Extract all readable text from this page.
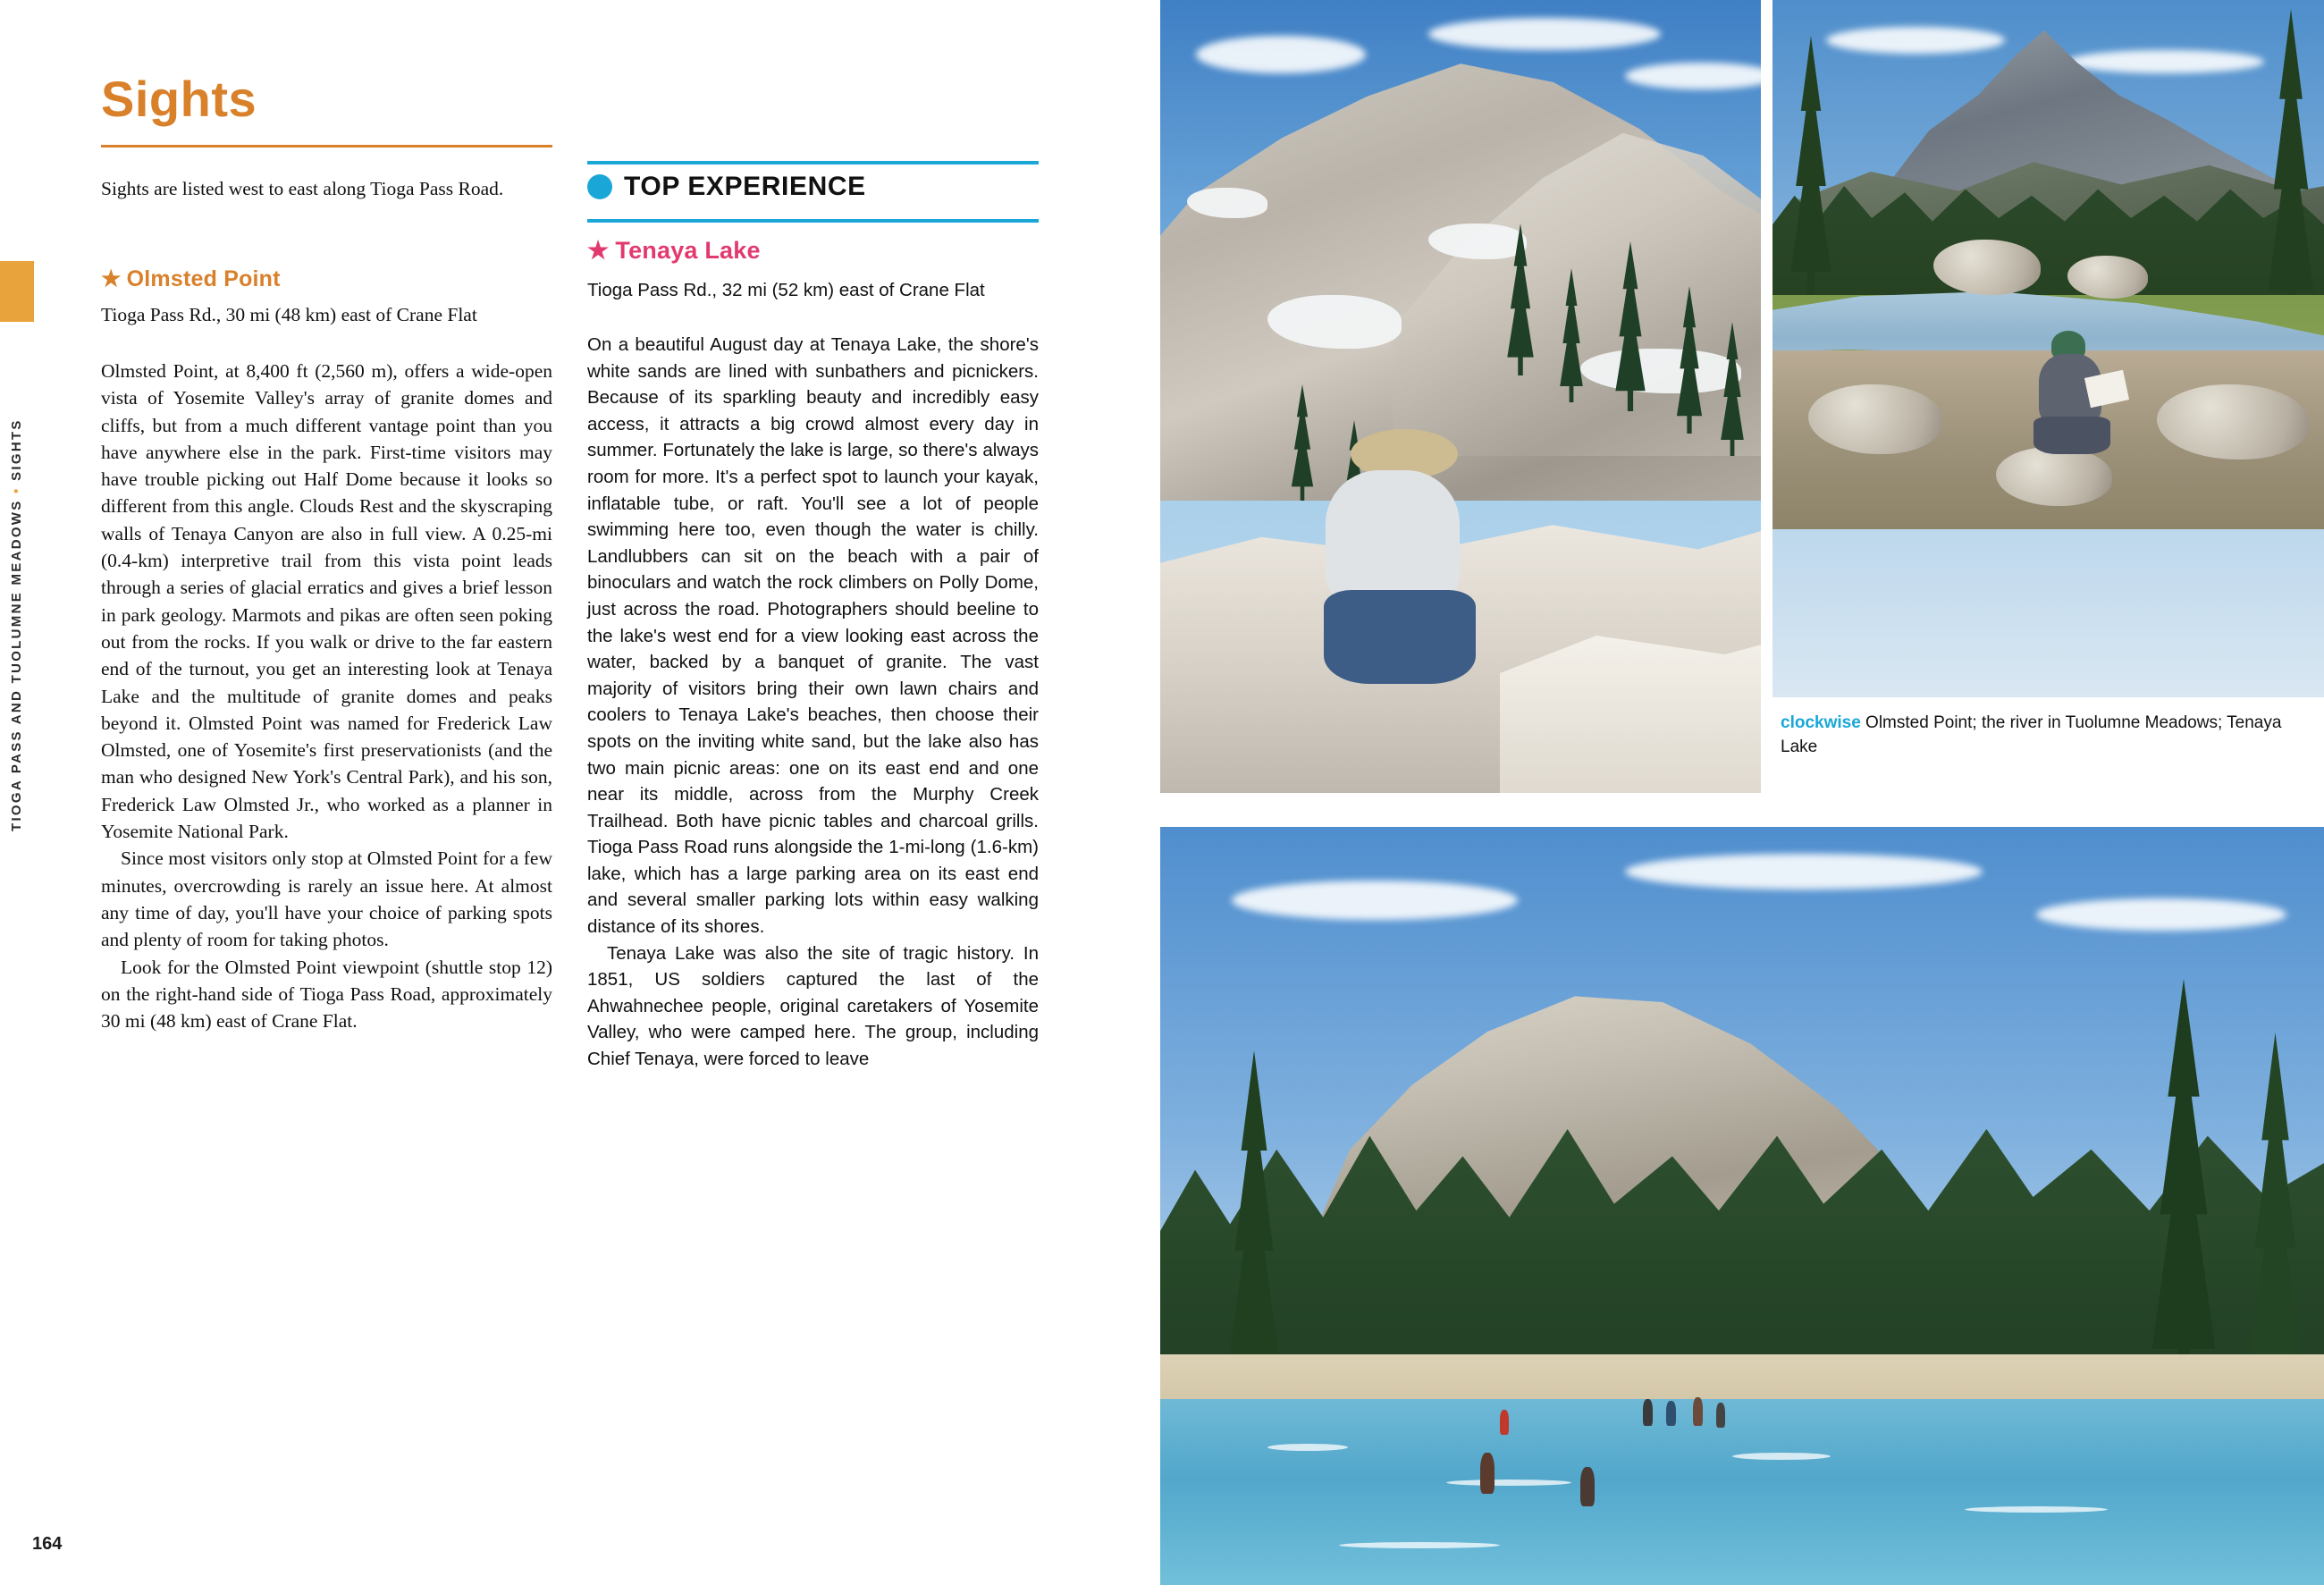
TIOGA PASS AND TUOLUMNE MEADOWS • SIGHTS
164
Sights

Sights are listed west to east along Tioga Pass Road.

★ Olmsted Point
Tioga Pass Rd., 30 mi (48 km) east of Crane Flat

Olmsted Point, at 8,400 ft (2,560 m), offers a wide-open vista of Yosemite Valley's array of granite domes and cliffs, but from a much different vantage point than you have anywhere else in the park. First-time visitors may have trouble picking out Half Dome because it looks so different from this angle. Clouds Rest and the skyscraping walls of Tenaya Canyon are also in full view. A 0.25-mi (0.4-km) interpretive trail from this vista point leads through a series of glacial erratics and gives a brief lesson in park geology. Marmots and pikas are often seen poking out from the rocks. If you walk or drive to the far eastern end of the turnout, you get an interesting look at Tenaya Lake and the multitude of granite domes and peaks beyond it. Olmsted Point was named for Frederick Law Olmsted, one of Yosemite's first preservationists (and the man who designed New York's Central Park), and his son, Frederick Law Olmsted Jr., who worked as a planner in Yosemite National Park.

Since most visitors only stop at Olmsted Point for a few minutes, overcrowding is rarely an issue here. At almost any time of day, you'll have your choice of parking spots and plenty of room for taking photos.

Look for the Olmsted Point viewpoint (shuttle stop 12) on the right-hand side of Tioga Pass Road, approximately 30 mi (48 km) east of Crane Flat.

TOP EXPERIENCE
★ Tenaya Lake
Tioga Pass Rd., 32 mi (52 km) east of Crane Flat

On a beautiful August day at Tenaya Lake, the shore's white sands are lined with sunbathers and picnickers. Because of its sparkling beauty and incredibly easy access, it attracts a big crowd almost every day in summer. Fortunately the lake is large, so there's always room for more. It's a perfect spot to launch your kayak, inflatable tube, or raft. You'll see a lot of people swimming here too, even though the water is chilly. Landlubbers can sit on the beach with a pair of binoculars and watch the rock climbers on Polly Dome, just across the road. Photographers should beeline to the lake's west end for a view looking east across the water, backed by a banquet of granite. The vast majority of visitors bring their own lawn chairs and coolers to Tenaya Lake's beaches, then choose their spots on the inviting white sand, but the lake also has two main picnic areas: one on its east end and one near its middle, across from the Murphy Creek Trailhead. Both have picnic tables and charcoal grills. Tioga Pass Road runs alongside the 1-mi-long (1.6-km) lake, which has a large parking area on its east end and several smaller parking lots within easy walking distance of its shores.

Tenaya Lake was also the site of tragic history. In 1851, US soldiers captured the last of the Ahwahnechee people, original caretakers of Yosemite Valley, who were camped here. The group, including Chief Tenaya, were forced to leave

clockwise Olmsted Point; the river in Tuolumne Meadows; Tenaya Lake
